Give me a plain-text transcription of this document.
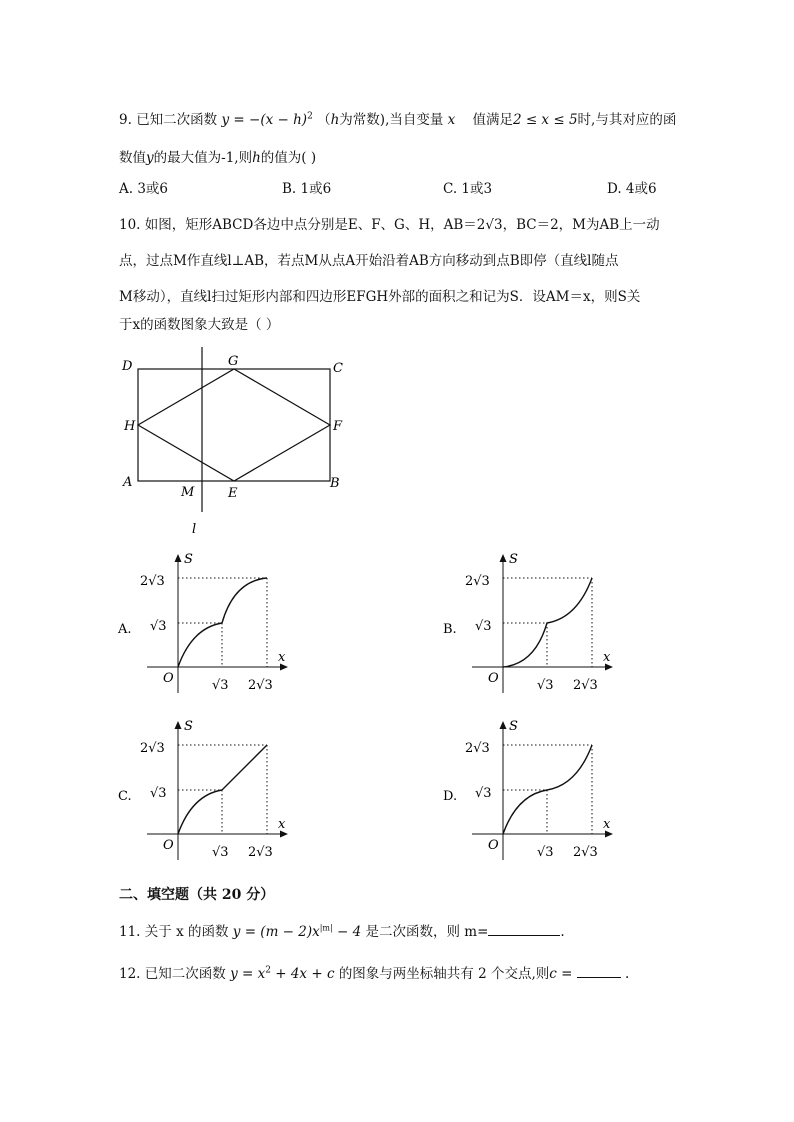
9. 已知二次函数 $y = -(x - h)^2$ （h为常数),当自变量 x 值满足2 ≤ x ≤ 5时,与其对应的函
数值y的最大值为-1,则h的值为( )
A. 3或6	B. 1或6	C. 1或3	D. 4或6
10. 如图，矩形ABCD各边中点分别是E、F、G、H，AB＝2√3，BC＝2，M为AB上一动
点，过点M作直线l⊥AB，若点M从点A开始沿着AB方向移动到点B即停（直线l随点
M移动），直线l扫过矩形内部和四边形EFGH外部的面积之和记为S．设AM＝x，则S关
于x的函数图象大致是（ ）
D	C
G
H	F
A
M	E
B
l
A.
S
x
O
2√3
√3
√3 2√3
B.
S
x
O
2√3
√3
√3 2√3
C.
S
x
O
2√3
√3
√3 2√3
D.
S
x
O
2√3
√3
√3 2√3
二、填空题（共 20 分）
11. 关于 x 的函数 $y = (m - 2)x^{|m|} - 4$ 是二次函数，则 m=	.
12. 已知二次函数 $y = x^2 + 4x + c$ 的图象与两坐标轴共有 2 个交点,则c =	.
